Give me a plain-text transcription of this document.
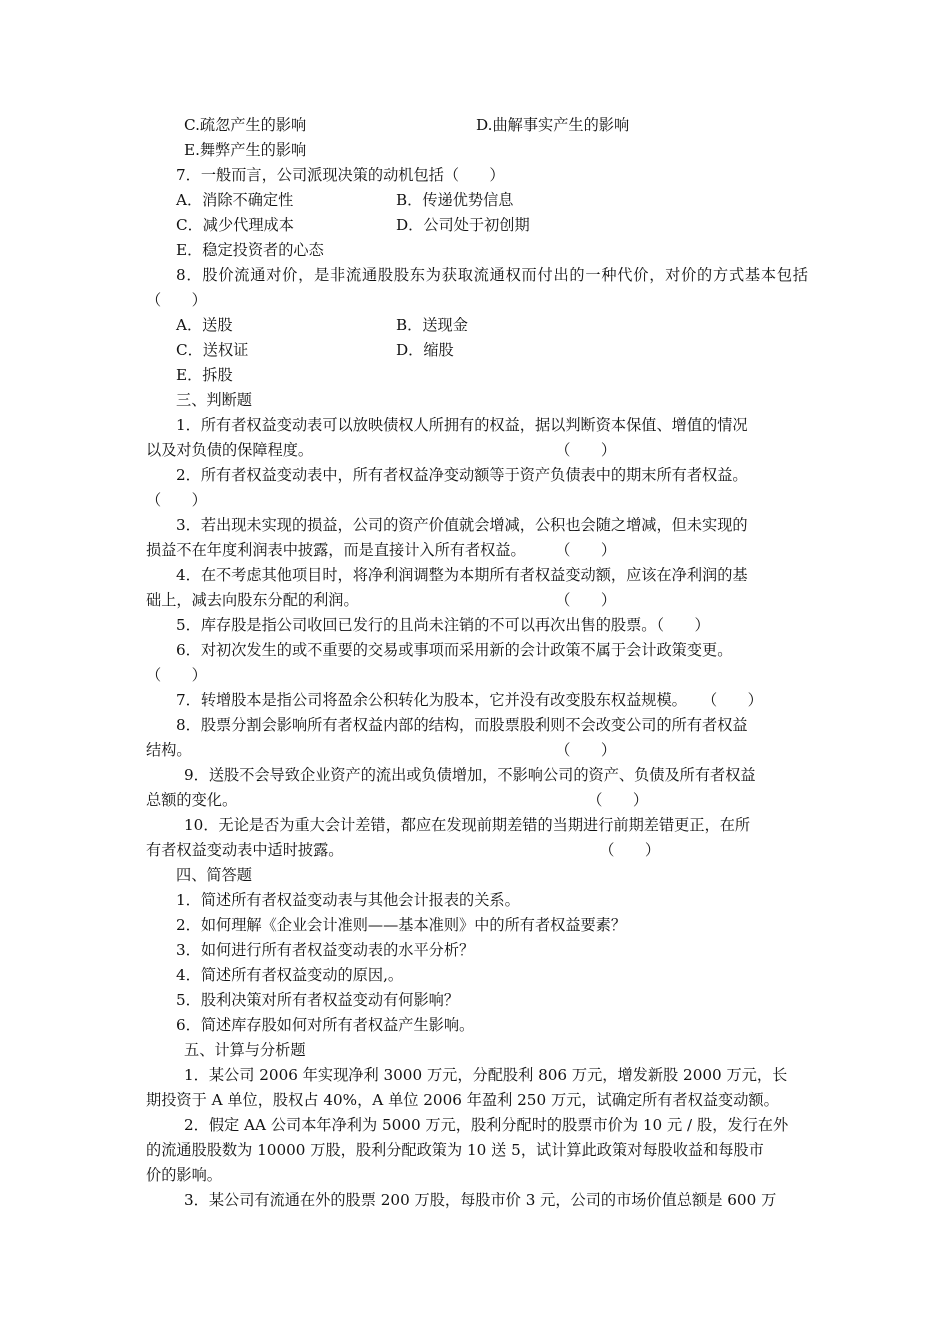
C.疏忽产生的影响	D.曲解事实产生的影响
E.舞弊产生的影响
7．一般而言，公司派现决策的动机包括（　　）
A．消除不确定性	B．传递优势信息
C．减少代理成本	D．公司处于初创期
E．稳定投资者的心态
8．股价流通对价，是非流通股股东为获取流通权而付出的一种代价，对价的方式基本包括（　　）
A．送股	B．送现金
C．送权证	D．缩股
E．拆股
三、判断题
1．所有者权益变动表可以放映债权人所拥有的权益，据以判断资本保值、增值的情况
以及对负债的保障程度。	（　　）
2．所有者权益变动表中，所有者权益净变动额等于资产负债表中的期末所有者权益。
（　　）
3．若出现未实现的损益，公司的资产价值就会增减，公积也会随之增减，但未实现的
损益不在年度利润表中披露，而是直接计入所有者权益。 （　　）
4．在不考虑其他项目时，将净利润调整为本期所有者权益变动额，应该在净利润的基
础上，减去向股东分配的利润。	（　　）
5．库存股是指公司收回已发行的且尚未注销的不可以再次出售的股票。（　　）
6．对初次发生的或不重要的交易或事项而采用新的会计政策不属于会计政策变更。
（　　）
7．转增股本是指公司将盈余公积转化为股本，它并没有改变股东权益规模。　　（　　）
8．股票分割会影响所有者权益内部的结构，而股票股利则不会改变公司的所有者权益
结构。	（　　）
9．送股不会导致企业资产的流出或负债增加，不影响公司的资产、负债及所有者权益
总额的变化。	（　　）
10．无论是否为重大会计差错，都应在发现前期差错的当期进行前期差错更正，在所
有者权益变动表中适时披露。	（　　）
四、简答题
1．简述所有者权益变动表与其他会计报表的关系。
2．如何理解《企业会计准则——基本准则》中的所有者权益要素？
3．如何进行所有者权益变动表的水平分析？
4．简述所有者权益变动的原因,。
5．股利决策对所有者权益变动有何影响？
6．简述库存股如何对所有者权益产生影响。
五、计算与分析题
1．某公司 2006 年实现净利 3000 万元，分配股利 806 万元，增发新股 2000 万元，长
期投资于 A 单位，股权占 40%，A 单位 2006 年盈利 250 万元，试确定所有者权益变动额。
2．假定 AA 公司本年净利为 5000 万元，股利分配时的股票市价为 10 元 / 股，发行在外
的流通股股数为 10000 万股，股利分配政策为 10 送 5，试计算此政策对每股收益和每股市
价的影响。
3．某公司有流通在外的股票 200 万股，每股市价 3 元，公司的市场价值总额是 600 万
